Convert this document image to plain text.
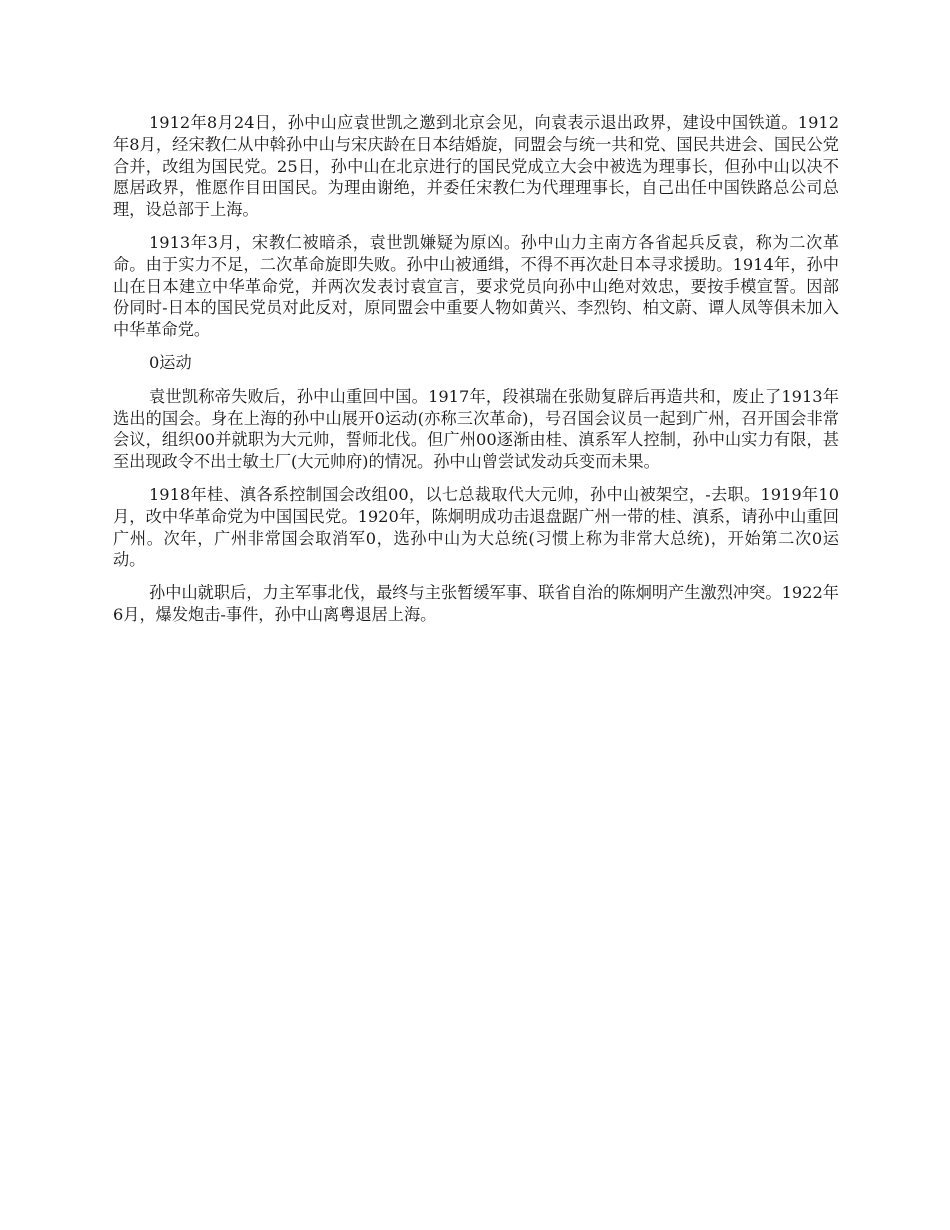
1912年8月24日，孙中山应袁世凯之邀到北京会见，向袁表示退出政界，建设中国铁道。1912年8月，经宋教仁从中斡孙中山与宋庆龄在日本结婚旋，同盟会与统一共和党、国民共进会、国民公党合并，改组为国民党。25日，孙中山在北京进行的国民党成立大会中被选为理事长，但孙中山以决不愿居政界，惟愿作目田国民。为理由谢绝，并委任宋教仁为代理理事长，自己出任中国铁路总公司总理，设总部于上海。

1913年3月，宋教仁被暗杀，袁世凯嫌疑为原凶。孙中山力主南方各省起兵反袁，称为二次革命。由于实力不足，二次革命旋即失败。孙中山被通缉，不得不再次赴日本寻求援助。1914年，孙中山在日本建立中华革命党，并两次发表讨袁宣言，要求党员向孙中山绝对效忠，要按手模宣誓。因部份同时-日本的国民党员对此反对，原同盟会中重要人物如黄兴、李烈钧、柏文蔚、谭人凤等俱未加入中华革命党。

0运动

袁世凯称帝失败后，孙中山重回中国。1917年，段祺瑞在张勋复辟后再造共和，废止了1913年选出的国会。身在上海的孙中山展开0运动(亦称三次革命)，号召国会议员一起到广州，召开国会非常会议，组织00并就职为大元帅，誓师北伐。但广州00逐渐由桂、滇系军人控制，孙中山实力有限，甚至出现政令不出士敏土厂(大元帅府)的情况。孙中山曾尝试发动兵变而未果。

1918年桂、滇各系控制国会改组00，以七总裁取代大元帅，孙中山被架空，-去职。1919年10月，改中华革命党为中国国民党。1920年，陈炯明成功击退盘踞广州一带的桂、滇系，请孙中山重回广州。次年，广州非常国会取消军0，选孙中山为大总统(习惯上称为非常大总统)，开始第二次0运动。

孙中山就职后，力主军事北伐，最终与主张暂缓军事、联省自治的陈炯明产生激烈冲突。1922年6月，爆发炮击-事件，孙中山离粤退居上海。
